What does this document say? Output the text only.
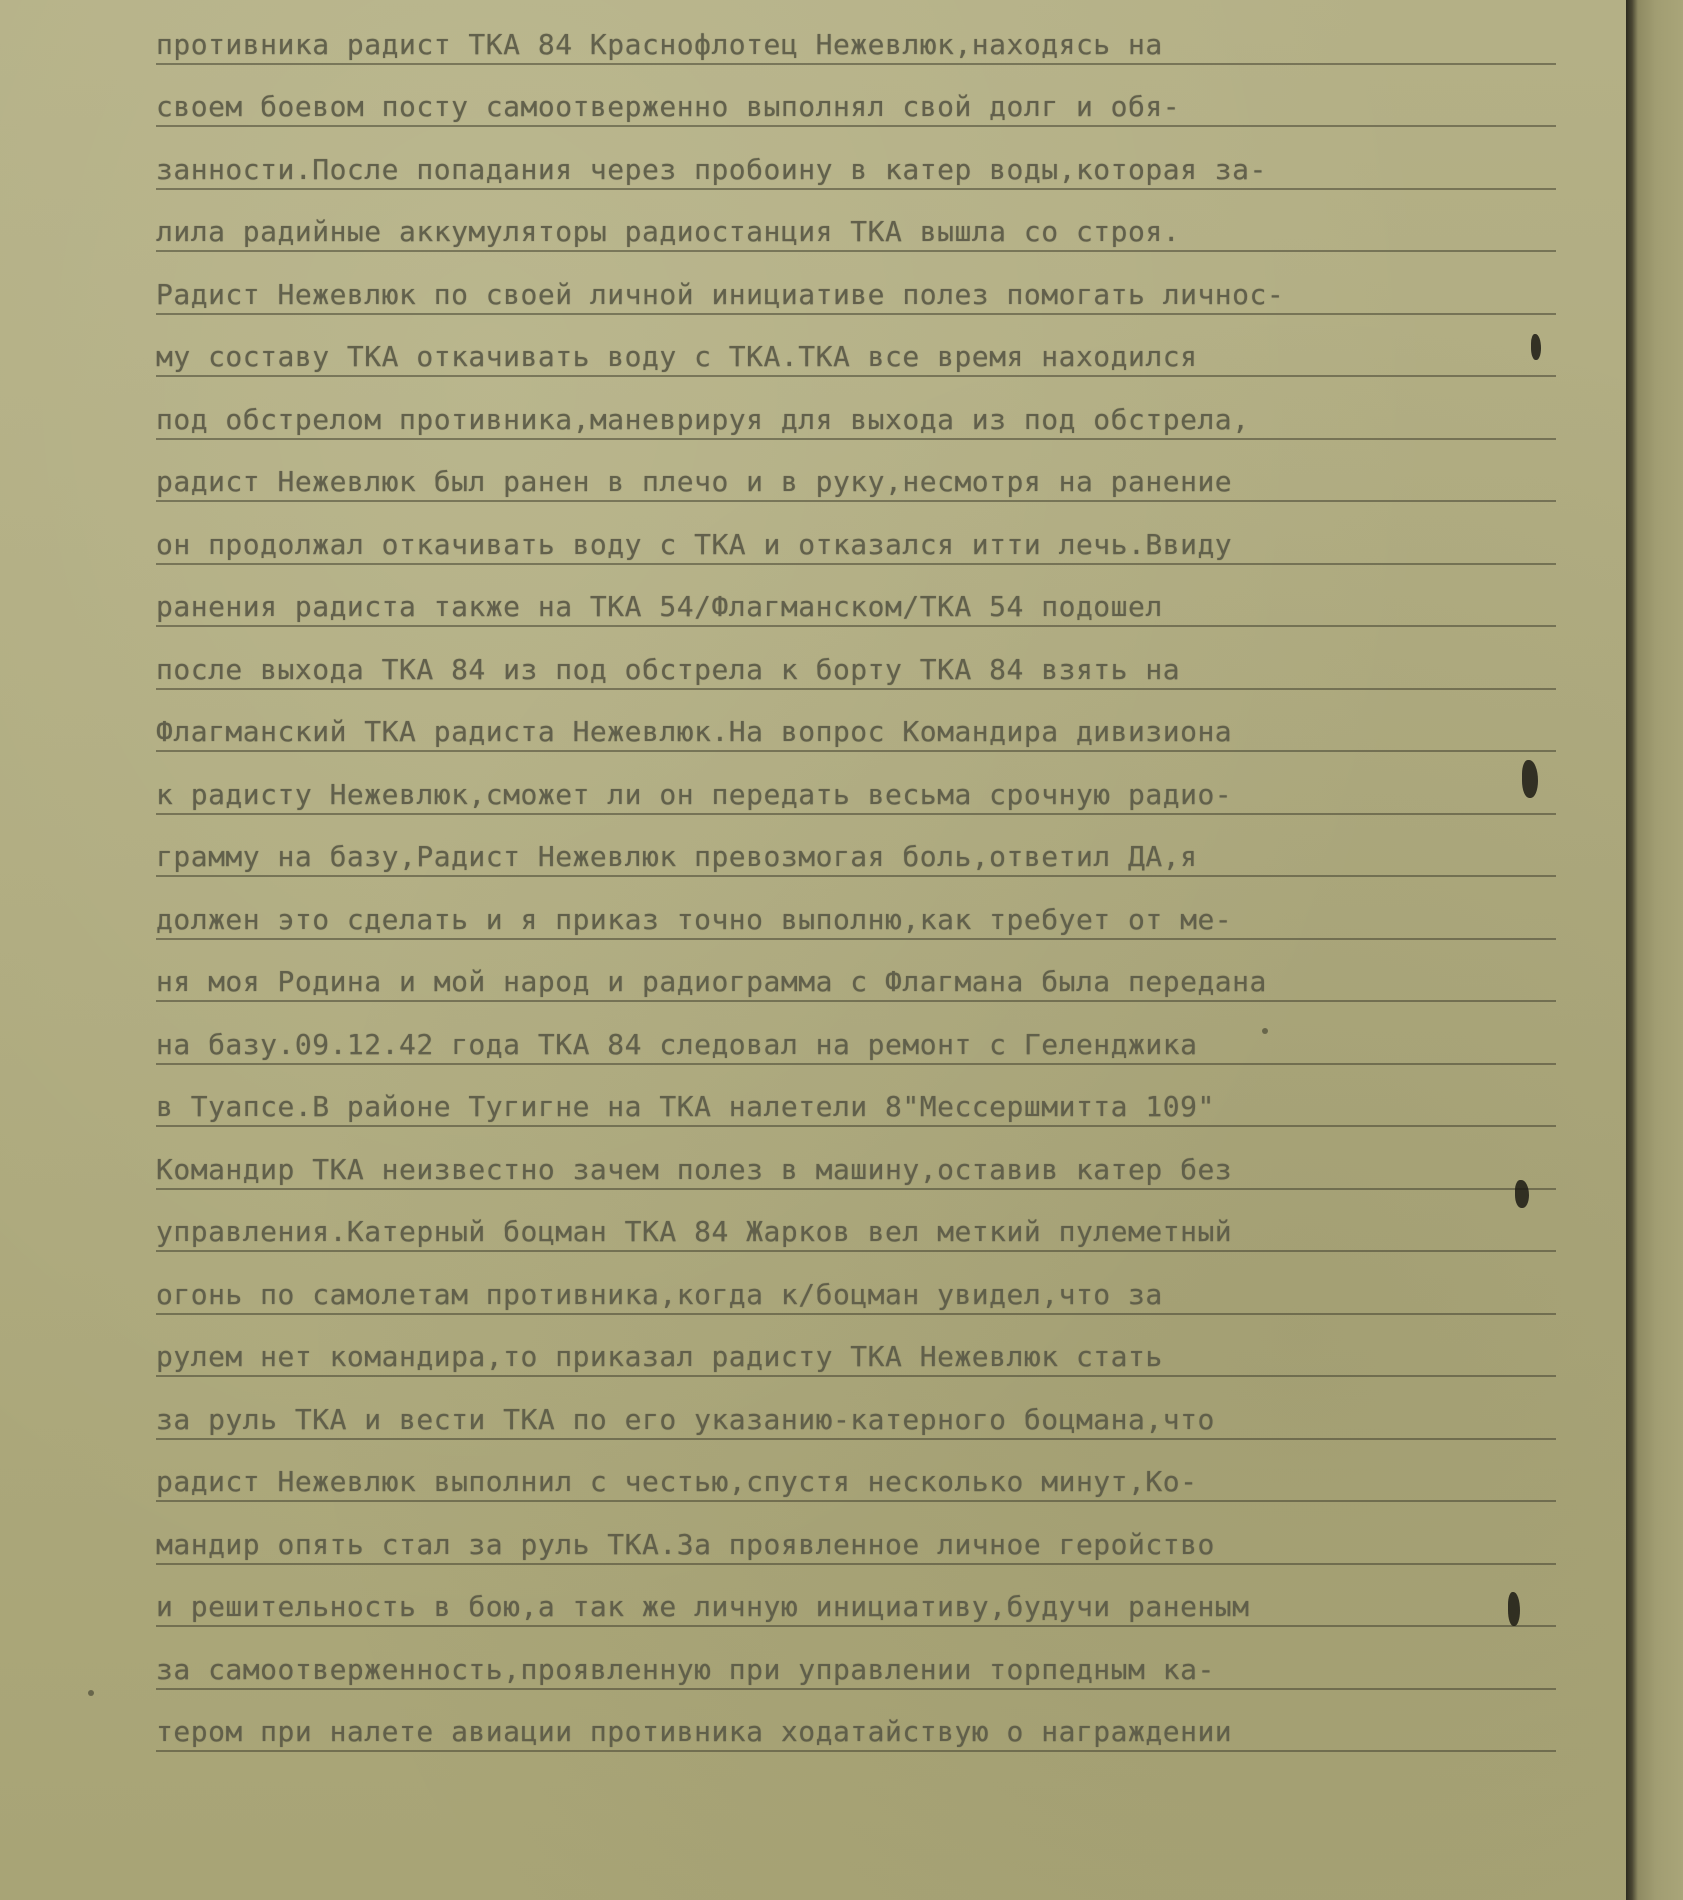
противника радист ТКА 84 Краснофлотец Нежевлюк,находясь на
своем боевом посту самоотверженно выполнял свой долг и обя-
занности.После попадания через пробоину в катер воды,которая за-
лила радийные аккумуляторы радиостанция ТКА вышла со строя.
Радист Нежевлюк по своей личной инициативе полез помогать личнос-
му составу ТКА откачивать воду с ТКА.ТКА все время находился
под обстрелом противника,маневрируя для выхода из под обстрела,
радист Нежевлюк был ранен в плечо и в руку,несмотря на ранение
он продолжал откачивать воду с ТКА и отказался итти лечь.Ввиду
ранения радиста также на ТКА 54/Флагманском/ТКА 54 подошел
после выхода ТКА 84 из под обстрела к борту ТКА 84 взять на
Флагманский ТКА радиста Нежевлюк.На вопрос Командира дивизиона
к радисту Нежевлюк,сможет ли он передать весьма срочную радио-
грамму на базу,Радист Нежевлюк превозмогая боль,ответил ДА,я
должен это сделать и я приказ точно выполню,как требует от ме-
ня моя Родина и мой народ и радиограмма с Флагмана была передана
на базу.09.12.42 года ТКА 84 следовал на ремонт с Геленджика
в Туапсе.В районе Тугигне на ТКА налетели 8"Мессершмитта 109"
Командир ТКА неизвестно зачем полез в машину,оставив катер без
управления.Катерный боцман ТКА 84 Жарков вел меткий пулеметный
огонь по самолетам противника,когда к/боцман увидел,что за
рулем нет командира,то приказал радисту ТКА Нежевлюк стать
за руль ТКА и вести ТКА по его указанию-катерного боцмана,что
радист Нежевлюк выполнил с честью,спустя несколько минут,Ко-
мандир опять стал за руль ТКА.За проявленное личное геройство
и решительность в бою,а так же личную инициативу,будучи раненым
за самоотверженность,проявленную при управлении торпедным ка-
тером при налете авиации противника ходатайствую о награждении
